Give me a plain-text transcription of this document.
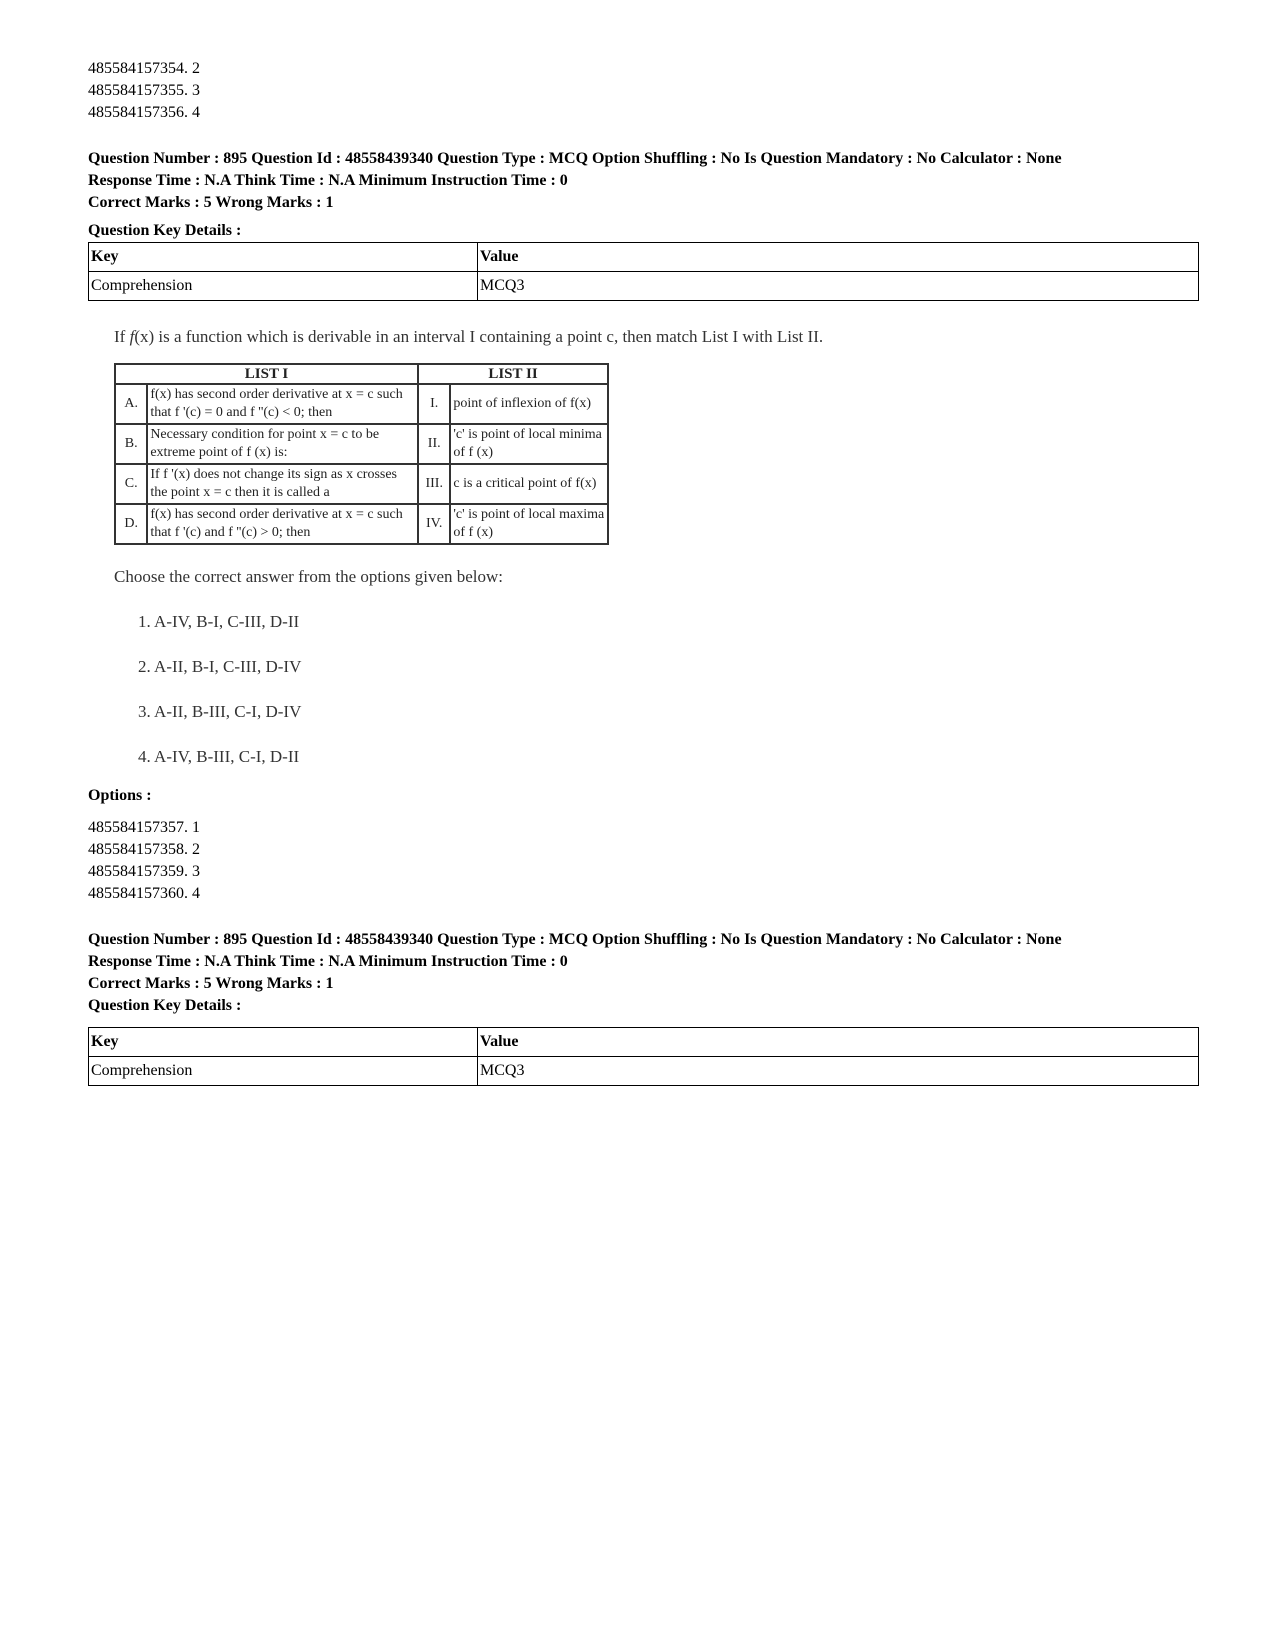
485584157354. 2
485584157355. 3
485584157356. 4
Question Number : 895 Question Id : 48558439340 Question Type : MCQ Option Shuffling : No Is Question Mandatory : No Calculator : None
Response Time : N.A Think Time : N.A Minimum Instruction Time : 0
Correct Marks : 5 Wrong Marks : 1
Question Key Details :
Key	Value
Comprehension	MCQ3
If f(x) is a function which is derivable in an interval I containing a point c, then match List I with List II.
LIST I		LIST II	
A.	f(x) has second order derivative at x = c such that f '(c) = 0 and f ''(c) < 0; then	I.	point of inflexion of f(x)
B.	Necessary condition for point x = c to be extreme point of f (x) is:	II.	'c' is point of local minima of f (x)
C.	If f '(x) does not change its sign as x crosses the point x = c then it is called a	III.	c is a critical point of f(x)
D.	f(x) has second order derivative at x = c such that f '(c) and f ''(c) > 0; then	IV.	'c' is point of local maxima of f (x)
Choose the correct answer from the options given below:
1. A-IV, B-I, C-III, D-II
2. A-II, B-I, C-III, D-IV
3. A-II, B-III, C-I, D-IV
4. A-IV, B-III, C-I, D-II
Options :
485584157357. 1
485584157358. 2
485584157359. 3
485584157360. 4
Question Number : 895 Question Id : 48558439340 Question Type : MCQ Option Shuffling : No Is Question Mandatory : No Calculator : None
Response Time : N.A Think Time : N.A Minimum Instruction Time : 0
Correct Marks : 5 Wrong Marks : 1
Question Key Details :
Key	Value
Comprehension	MCQ3
